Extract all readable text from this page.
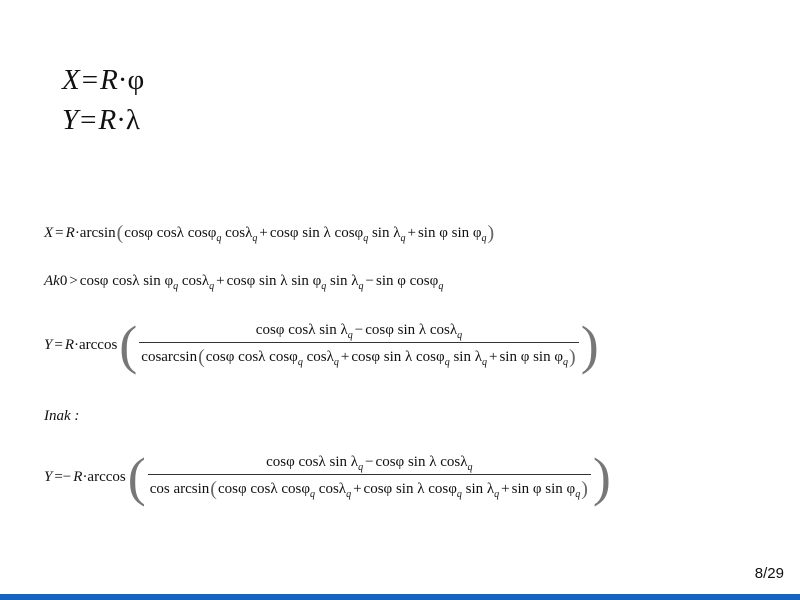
X=R·φ
Y=R·λ
X = R·arcsin(cosφ cosλ cosφ$_q$ cosλ$_q$ + cosφ sin λ cosφ$_q$ $\sin \lambda_q + \sin \varphi$ $\sin \varphi_q$)
Ak0 > cosφ cosλ $\sin \varphi_q$ cosλ$_q$ + cosφ sin λ $\sin \varphi_q$ $\sin \lambda_q - \sin \varphi$ cosφ$_q$
Y = R·arccos (	cosφ cosλ $\sin \lambda_q - \cos\varphi$ sin λ cosλ$_q$
cosarcsin(cosφ cosλ cosφ$_q$ cosλ$_q$ + cosφ sin λ cosφ$_q$ $\sin \lambda_q + \sin \varphi$ $\sin \varphi_q$) )
Inak :
Y =− R·arccos (	cosφ cosλ $\sin \lambda_q - \cos\varphi$ sin λ cosλ$_q$
cos arcsin(cosφ cosλ cosφ$_q$ cosλ$_q$ + cosφ sin λ cosφ$_q$ $\sin \lambda_q + \sin \varphi$ $\sin \varphi_q$) )
8/29
